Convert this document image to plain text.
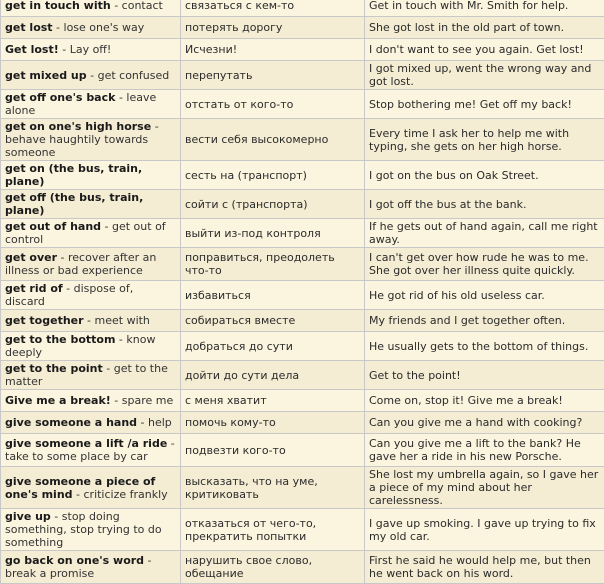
get in touch with - contact	связаться с кем-то	Get in touch with Mr. Smith for help.
get lost - lose one's way	потерять дорогу	She got lost in the old part of town.
Get lost! - Lay off!	Исчезни!	I don't want to see you again. Get lost!
get mixed up - get confused	перепутать	I got mixed up, went the wrong way and got lost.
get off one's back - leave alone	отстать от кого-то	Stop bothering me! Get off my back!
get on one's high horse - behave haughtily towards someone	вести себя высокомерно	Every time I ask her to help me with typing, she gets on her high horse.
get on (the bus, train, plane)	сесть на (транспорт)	I got on the bus on Oak Street.
get off (the bus, train, plane)	сойти с (транспорта)	I got off the bus at the bank.
get out of hand - get out of control	выйти из-под контроля	If he gets out of hand again, call me right away.
get over - recover after an illness or bad experience	поправиться, преодолеть что-то	I can't get over how rude he was to me. She got over her illness quite quickly.
get rid of - dispose of, discard	избавиться	He got rid of his old useless car.
get together - meet with	собираться вместе	My friends and I get together often.
get to the bottom - know deeply	добраться до сути	He usually gets to the bottom of things.
get to the point - get to the matter	дойти до сути дела	Get to the point!
Give me a break! - spare me	с меня хватит	Come on, stop it! Give me a break!
give someone a hand - help	помочь кому-то	Can you give me a hand with cooking?
give someone a lift /a ride - take to some place by car	подвезти кого-то	Can you give me a lift to the bank? He gave her a ride in his new Porsche.
give someone a piece of one's mind - criticize frankly	высказать, что на уме, критиковать	She lost my umbrella again, so I gave her a piece of my mind about her carelessness.
give up - stop doing something, stop trying to do something	отказаться от чего-то, прекратить попытки	I gave up smoking. I gave up trying to fix my old car.
go back on one's word - break a promise	нарушить свое слово, обещание	First he said he would help me, but then he went back on his word.
